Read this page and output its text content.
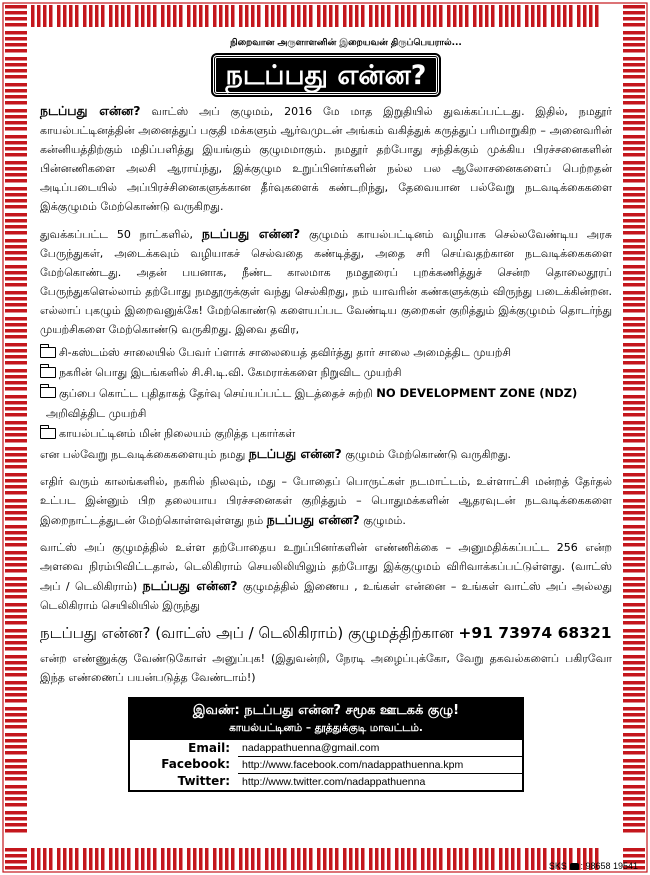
நிறைவான அருளாளனின் இறையவன் திருப்பெயரால்...
நடப்பது என்ன?

நடப்பது என்ன? வாட்ஸ் அப் குழுமம், 2016 மே மாத இறுதியில் துவக்கப்பட்டது. இதில், நமதூர் காயல்பட்டினத்தின் அனைத்துப் பகுதி மக்களும் ஆர்வமுடன் அங்கம் வகித்துக் கருத்துப் பரிமாறுகிற – அனைவரின் கன்னியத்திற்கும் மதிப்பளித்து இயங்கும் குழுமமாகும். நமதூர் தற்போது சந்திக்கும் முக்கிய பிரச்சனைகளின் பின்னணிகளை அலசி ஆராய்ந்து, இக்குழும உறுப்பினர்களின் நல்ல பல ஆலோசனைகளைப் பெற்றதன் அடிப்படையில் அப்பிரச்சினைகளுக்கான தீர்வுகளைக் கண்டறிந்து, தேவையான பல்வேறு நடவடிக்கைகளை இக்குழுமம் மேற்கொண்டு வருகிறது.

துவக்கப்பட்ட 50 நாட்களில், நடப்பது என்ன? குழுமம் காயல்பட்டினம் வழியாக செல்லவேண்டிய அரசு பேருந்துகள், அடைக்கவும் வழியாகச் செல்வதை கண்டித்து, அதை சரி செய்வதற்கான நடவடிக்கைகளை மேற்கொண்டது. அதன் பயனாக, நீண்ட காலமாக நமதூரைப் புறக்கணித்துச் சென்ற தொலைதூரப் பேருந்துகளெல்லாம் தற்போது நமதூருக்குள் வந்து செல்கிறது, நம் யாவரின் கண்களுக்கும் விருந்து படைக்கின்றன. எல்லாப் புகழும் இறைவனுக்கே! மேற்கொண்டு களையப்பட வேண்டிய குறைகள் குறித்தும் இக்குழுமம் தொடர்ந்து முயற்சிகளை மேற்கொண்டு வருகிறது. இவை தவிர,

சி-கஸ்டம்ஸ் சாலையில் பேவர் ப்ளாக் சாலையைத் தவிர்த்து தார் சாலை அமைத்திட முயற்சி
நகரின் பொது இடங்களில் சி.சி.டி.வி. கேமராக்களை நிறுவிட முயற்சி
குப்பை கொட்ட புதிதாகத் தேர்வு செய்யப்பட்ட இடத்தைச் சுற்றி NO DEVELOPMENT ZONE (NDZ)
அறிவித்திட முயற்சி
காயல்பட்டினம் மின் நிலையம் குறித்த புகார்கள்

என பல்வேறு நடவடிக்கைகளையும் நமது நடப்பது என்ன? குழுமம் மேற்கொண்டு வருகிறது.

எதிர் வரும் காலங்களில், நகரில் நிலவும், மது – போதைப் பொருட்கள் நடமாட்டம், உள்ளாட்சி மன்றத் தேர்தல் உட்பட இன்னும் பிற தலையாய பிரச்சனைகள் குறித்தும் – பொதுமக்களின் ஆதரவுடன் நடவடிக்கைகளை இறைநாட்டத்துடன் மேற்கொள்ளவுள்ளது நம் நடப்பது என்ன? குழுமம்.

வாட்ஸ் அப் குழுமத்தில் உள்ள தற்போதைய உறுப்பினர்களின் எண்ணிக்கை – அனுமதிக்கப்பட்ட 256 என்ற அளவை நிரம்பிவிட்டதால், டெலிகிராம் செயலிலியிலும் தற்போது இக்குழுமம் விரிவாக்கப்பட்டுள்ளது. (வாட்ஸ் அப் / டெலிகிராம்) நடப்பது என்ன? குழுமத்தில் இணைய , உங்கள் என்னை – உங்கள் வாட்ஸ் அப் அல்லது டெலிகிராம் செயிலியில் இருந்து

நடப்பது என்ன? (வாட்ஸ் அப் / டெலிகிராம்) குழுமத்திற்கான +91 73974 68321

என்ற எண்ணுக்கு வேண்டுகோள் அனுப்புக! (இதுவன்றி, நேரடி அழைப்புக்கோ, வேறு தகவல்களைப் பகிரவோ இந்த எண்ணைப் பயன்படுத்த வேண்டாம்!)

இவண்: நடப்பது என்ன? சமூக ஊடகக் குழு!
காயல்பட்டினம் – தூத்துக்குடி மாவட்டம்.
Email:	nadappathuenna@gmail.com
Facebook:	http://www.facebook.com/nadappathuenna.kpm
Twitter:	http://www.twitter.com/nadappathuenna
SKS : 98658 19541
